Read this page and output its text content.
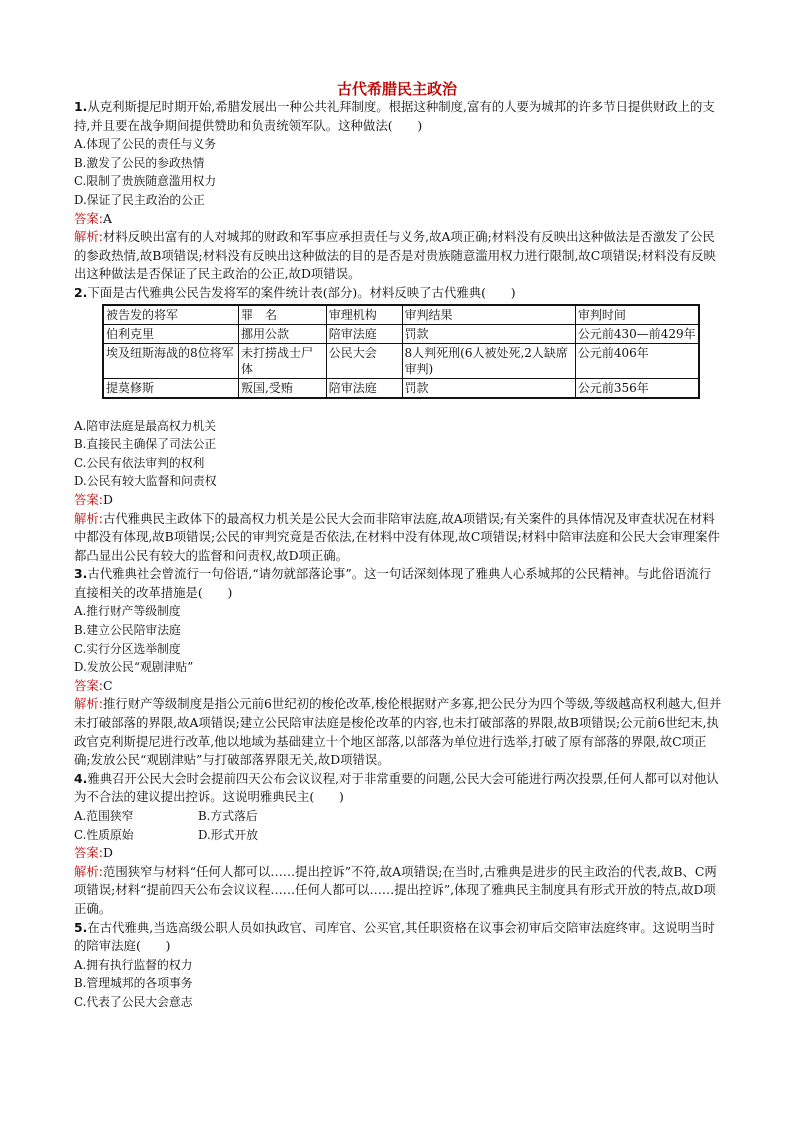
古代希腊民主政治

1.从克利斯提尼时期开始,希腊发展出一种公共礼拜制度。根据这种制度,富有的人要为城邦的许多节日提供财政上的支持,并且要在战争期间提供赞助和负责统领军队。这种做法(　　)

A.体现了公民的责任与义务

B.激发了公民的参政热情

C.限制了贵族随意滥用权力

D.保证了民主政治的公正

答案:A

解析:材料反映出富有的人对城邦的财政和军事应承担责任与义务,故A项正确;材料没有反映出这种做法是否激发了公民的参政热情,故B项错误;材料没有反映出这种做法的目的是否是对贵族随意滥用权力进行限制,故C项错误;材料没有反映出这种做法是否保证了民主政治的公正,故D项错误。

2.下面是古代雅典公民告发将军的案件统计表(部分)。材料反映了古代雅典(　　)

被告发的将军	罪　名	审理机构	审判结果	审判时间
伯利克里	挪用公款	陪审法庭	罚款	公元前430—前429年
埃及纽斯海战的8位将军	未打捞战士尸体	公民大会	8人判死刑(6人被处死,2人缺席审判)	公元前406年
提莫修斯	叛国,受贿	陪审法庭	罚款	公元前356年

A.陪审法庭是最高权力机关

B.直接民主确保了司法公正

C.公民有依法审判的权利

D.公民有较大监督和问责权

答案:D

解析:古代雅典民主政体下的最高权力机关是公民大会而非陪审法庭,故A项错误;有关案件的具体情况及审查状况在材料中都没有体现,故B项错误;公民的审判究竟是否依法,在材料中没有体现,故C项错误;材料中陪审法庭和公民大会审理案件都凸显出公民有较大的监督和问责权,故D项正确。

3.古代雅典社会曾流行一句俗语,“请勿就部落论事”。这一句话深刻体现了雅典人心系城邦的公民精神。与此俗语流行直接相关的改革措施是(　　)

A.推行财产等级制度

B.建立公民陪审法庭

C.实行分区选举制度

D.发放公民“观剧津贴”

答案:C

解析:推行财产等级制度是指公元前6世纪初的梭伦改革,梭伦根据财产多寡,把公民分为四个等级,等级越高权利越大,但并未打破部落的界限,故A项错误;建立公民陪审法庭是梭伦改革的内容,也未打破部落的界限,故B项错误;公元前6世纪末,执政官克利斯提尼进行改革,他以地域为基础建立十个地区部落,以部落为单位进行选举,打破了原有部落的界限,故C项正确;发放公民“观剧津贴”与打破部落界限无关,故D项错误。

4.雅典召开公民大会时会提前四天公布会议议程,对于非常重要的问题,公民大会可能进行两次投票,任何人都可以对他认为不合法的建议提出控诉。这说明雅典民主(　　)

A.范围狭窄	B.方式落后

C.性质原始	D.形式开放

答案:D

解析:范围狭窄与材料“任何人都可以……提出控诉”不符,故A项错误;在当时,古雅典是进步的民主政治的代表,故B、C两项错误;材料“提前四天公布会议议程……任何人都可以……提出控诉”,体现了雅典民主制度具有形式开放的特点,故D项正确。

5.在古代雅典,当选高级公职人员如执政官、司库官、公买官,其任职资格在议事会初审后交陪审法庭终审。这说明当时的陪审法庭(　　)

A.拥有执行监督的权力

B.管理城邦的各项事务

C.代表了公民大会意志
